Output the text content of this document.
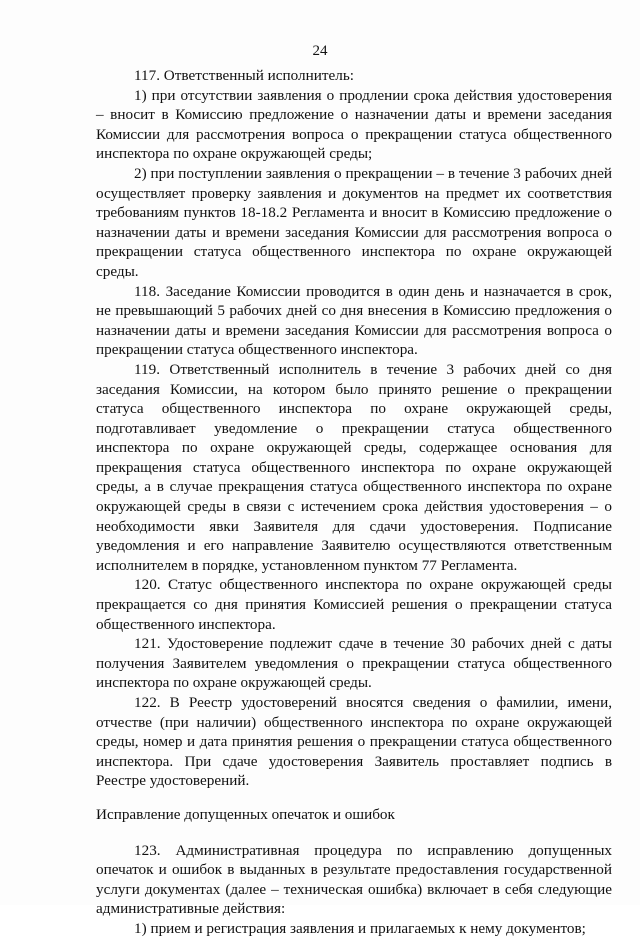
24

117. Ответственный исполнитель:

1) при отсутствии заявления о продлении срока действия удостоверения – вносит в Комиссию предложение о назначении даты и времени заседания Комиссии для рассмотрения вопроса о прекращении статуса общественного инспектора по охране окружающей среды;

2) при поступлении заявления о прекращении – в течение 3 рабочих дней осуществляет проверку заявления и документов на предмет их соответствия требованиям пунктов 18-18.2 Регламента и вносит в Комиссию предложение о назначении даты и времени заседания Комиссии для рассмотрения вопроса о прекращении статуса общественного инспектора по охране окружающей среды.

118. Заседание Комиссии проводится в один день и назначается в срок, не превышающий 5 рабочих дней со дня внесения в Комиссию предложения о назначении даты и времени заседания Комиссии для рассмотрения вопроса о прекращении статуса общественного инспектора.

119. Ответственный исполнитель в течение 3 рабочих дней со дня заседания Комиссии, на котором было принято решение о прекращении статуса общественного инспектора по охране окружающей среды, подготавливает уведомление о прекращении статуса общественного инспектора по охране окружающей среды, содержащее основания для прекращения статуса общественного инспектора по охране окружающей среды, а в случае прекращения статуса общественного инспектора по охране окружающей среды в связи с истечением срока действия удостоверения – о необходимости явки Заявителя для сдачи удостоверения. Подписание уведомления и его направление Заявителю осуществляются ответственным исполнителем в порядке, установленном пунктом 77 Регламента.

120. Статус общественного инспектора по охране окружающей среды прекращается со дня принятия Комиссией решения о прекращении статуса общественного инспектора.

121. Удостоверение подлежит сдаче в течение 30 рабочих дней с даты получения Заявителем уведомления о прекращении статуса общественного инспектора по охране окружающей среды.

122. В Реестр удостоверений вносятся сведения о фамилии, имени, отчестве (при наличии) общественного инспектора по охране окружающей среды, номер и дата принятия решения о прекращении статуса общественного инспектора. При сдаче удостоверения Заявитель проставляет подпись в Реестре удостоверений.

Исправление допущенных опечаток и ошибок

123. Административная процедура по исправлению допущенных опечаток и ошибок в выданных в результате предоставления государственной услуги документах (далее – техническая ошибка) включает в себя следующие административные действия:

1) прием и регистрация заявления и прилагаемых к нему документов;
